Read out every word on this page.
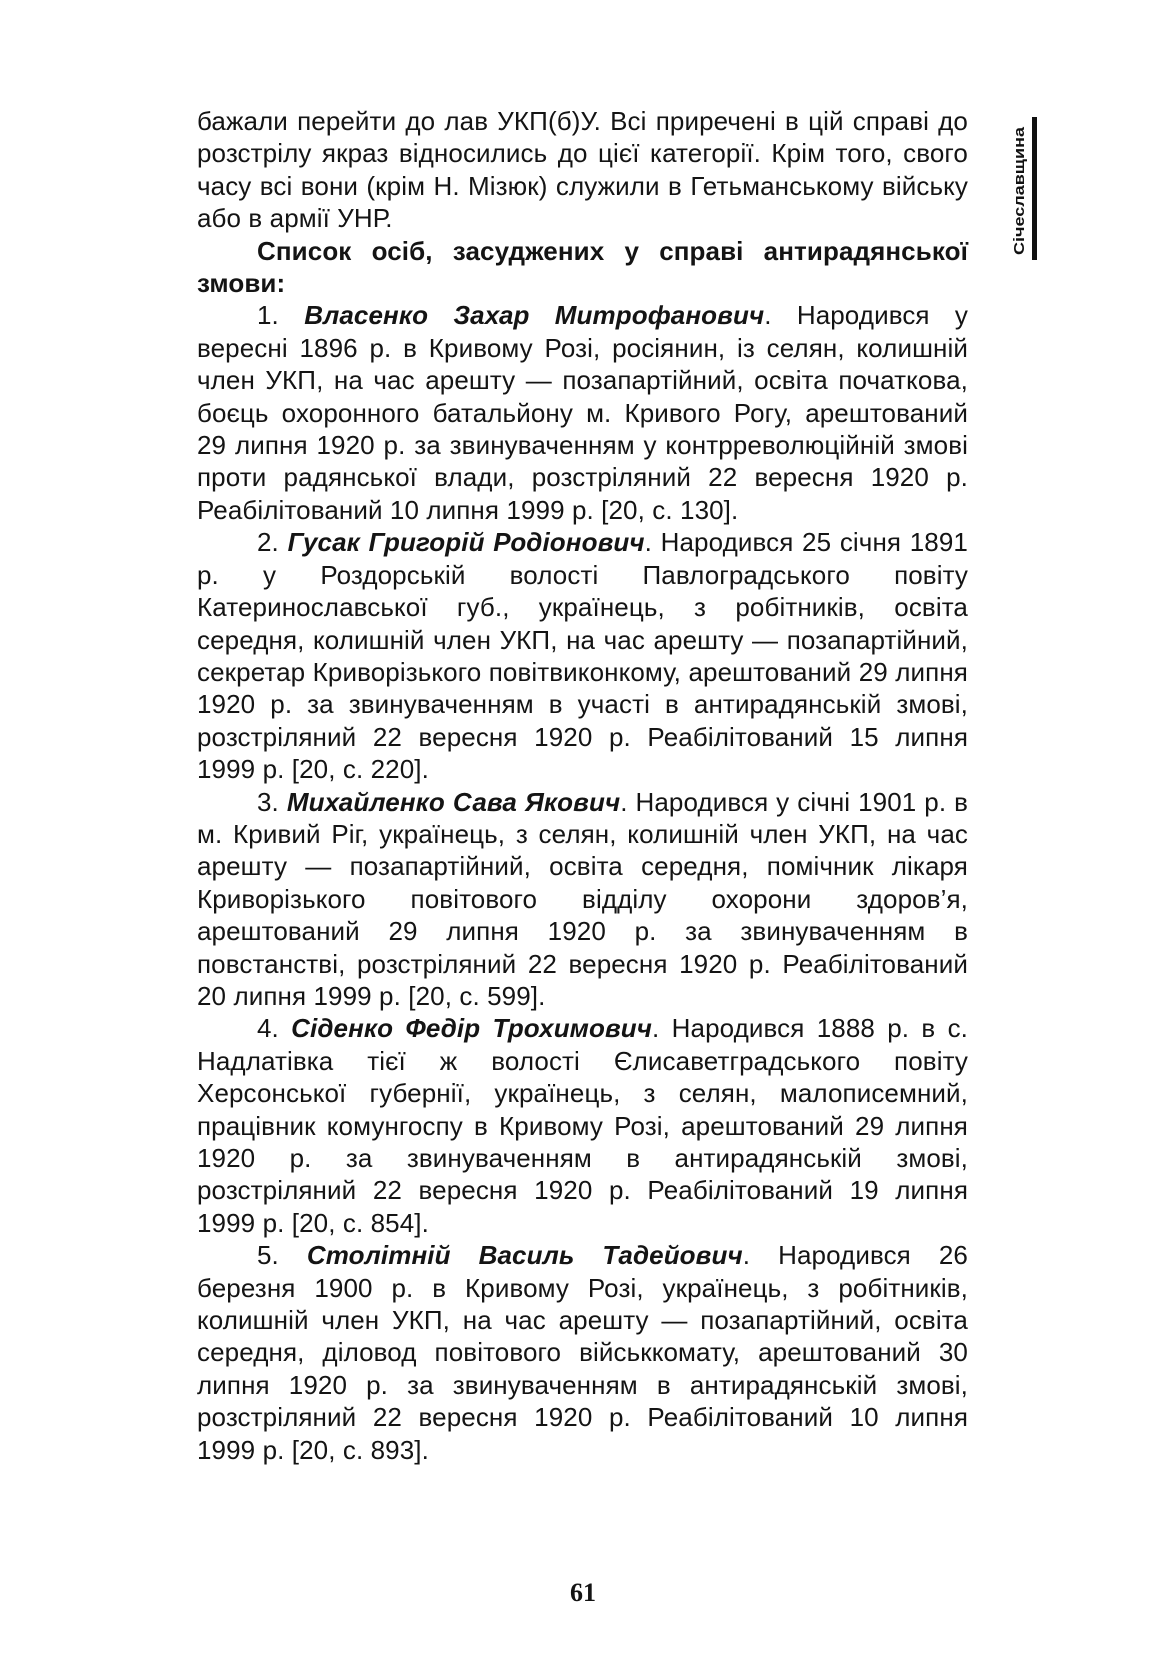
Січеславщина

бажали перейти до лав УКП(б)У. Всі приречені в цій справі до розстрілу якраз відносились до цієї категорії. Крім того, свого часу всі вони (крім Н. Мізюк) служили в Гетьманському війську або в армії УНР.

Список осіб, засуджених у справі антирадянської змови:

1. Власенко Захар Митрофанович. Народився у вересні 1896 р. в Кривому Розі, росіянин, із селян, колишній член УКП, на час арешту — позапартійний, освіта початкова, боєць охоронного батальйону м. Кривого Рогу, арештований 29 липня 1920 р. за звинуваченням у контрреволюційній змові проти радянської влади, розстріляний 22 вересня 1920 р. Реабілітований 10 липня 1999 р. [20, с. 130].

2. Гусак Григорій Родіонович. Народився 25 січня 1891 р. у Роздорській волості Павлоградського повіту Катеринославської губ., українець, з робітників, освіта середня, колишній член УКП, на час арешту — позапартійний, секретар Криворізького повітвиконкому, арештований 29 липня 1920 р. за звинуваченням в участі в антирадянській змові, розстріляний 22 вересня 1920 р. Реабілітований 15 липня 1999 р. [20, с. 220].

3. Михайленко Сава Якович. Народився у січні 1901 р. в м. Кривий Ріг, українець, з селян, колишній член УКП, на час арешту — позапартійний, освіта середня, помічник лікаря Криворізького повітового відділу охорони здоров’я, арештований 29 липня 1920 р. за звинуваченням в повстанстві, розстріляний 22 вересня 1920 р. Реабілітований 20 липня 1999 р. [20, с. 599].

4. Сіденко Федір Трохимович. Народився 1888 р. в с. Надлатівка тієї ж волості Єлисаветградського повіту Херсонської губернії, українець, з селян, малописемний, працівник комунгоспу в Кривому Розі, арештований 29 липня 1920 р. за звинуваченням в антирадянській змові, розстріляний 22 вересня 1920 р. Реабілітований 19 липня 1999 р. [20, с. 854].

5. Столітній Василь Тадейович. Народився 26 березня 1900 р. в Кривому Розі, українець, з робітників, колишній член УКП, на час арешту — позапартійний, освіта середня, діловод повітового військкомату, арештований 30 липня 1920 р. за звинуваченням в антирадянській змові, розстріляний 22 вересня 1920 р. Реабілітований 10 липня 1999 р. [20, с. 893].

61
